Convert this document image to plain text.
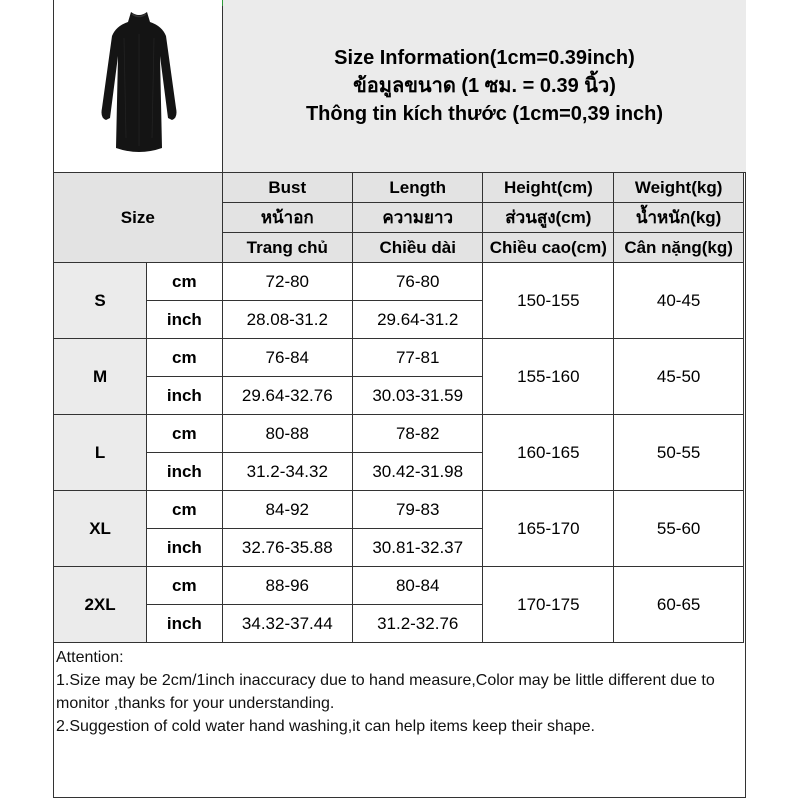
Size Information(1cm=0.39inch)
ข้อมูลขนาด (1 ซม. = 0.39 นิ้ว)
Thông tin kích thước (1cm=0,39 inch)
Size		Bust	Length	Height(cm)	Weight(kg)
		หน้าอก	ความยาว	ส่วนสูง(cm)	น้ำหนัก(kg)
		Trang chủ	Chiều dài	Chiều cao(cm)	Cân nặng(kg)
S	cm	72-80	76-80	150-155	40-45
	inch	28.08-31.2	29.64-31.2		
M	cm	76-84	77-81	155-160	45-50
	inch	29.64-32.76	30.03-31.59		
L	cm	80-88	78-82	160-165	50-55
	inch	31.2-34.32	30.42-31.98		
XL	cm	84-92	79-83	165-170	55-60
	inch	32.76-35.88	30.81-32.37		
2XL	cm	88-96	80-84	170-175	60-65
	inch	34.32-37.44	31.2-32.76		
Attention:
1.Size may be 2cm/1inch inaccuracy due to hand measure,Color may be little different due to monitor ,thanks for your understanding.
2.Suggestion of cold water hand washing,it can help items keep their shape.
